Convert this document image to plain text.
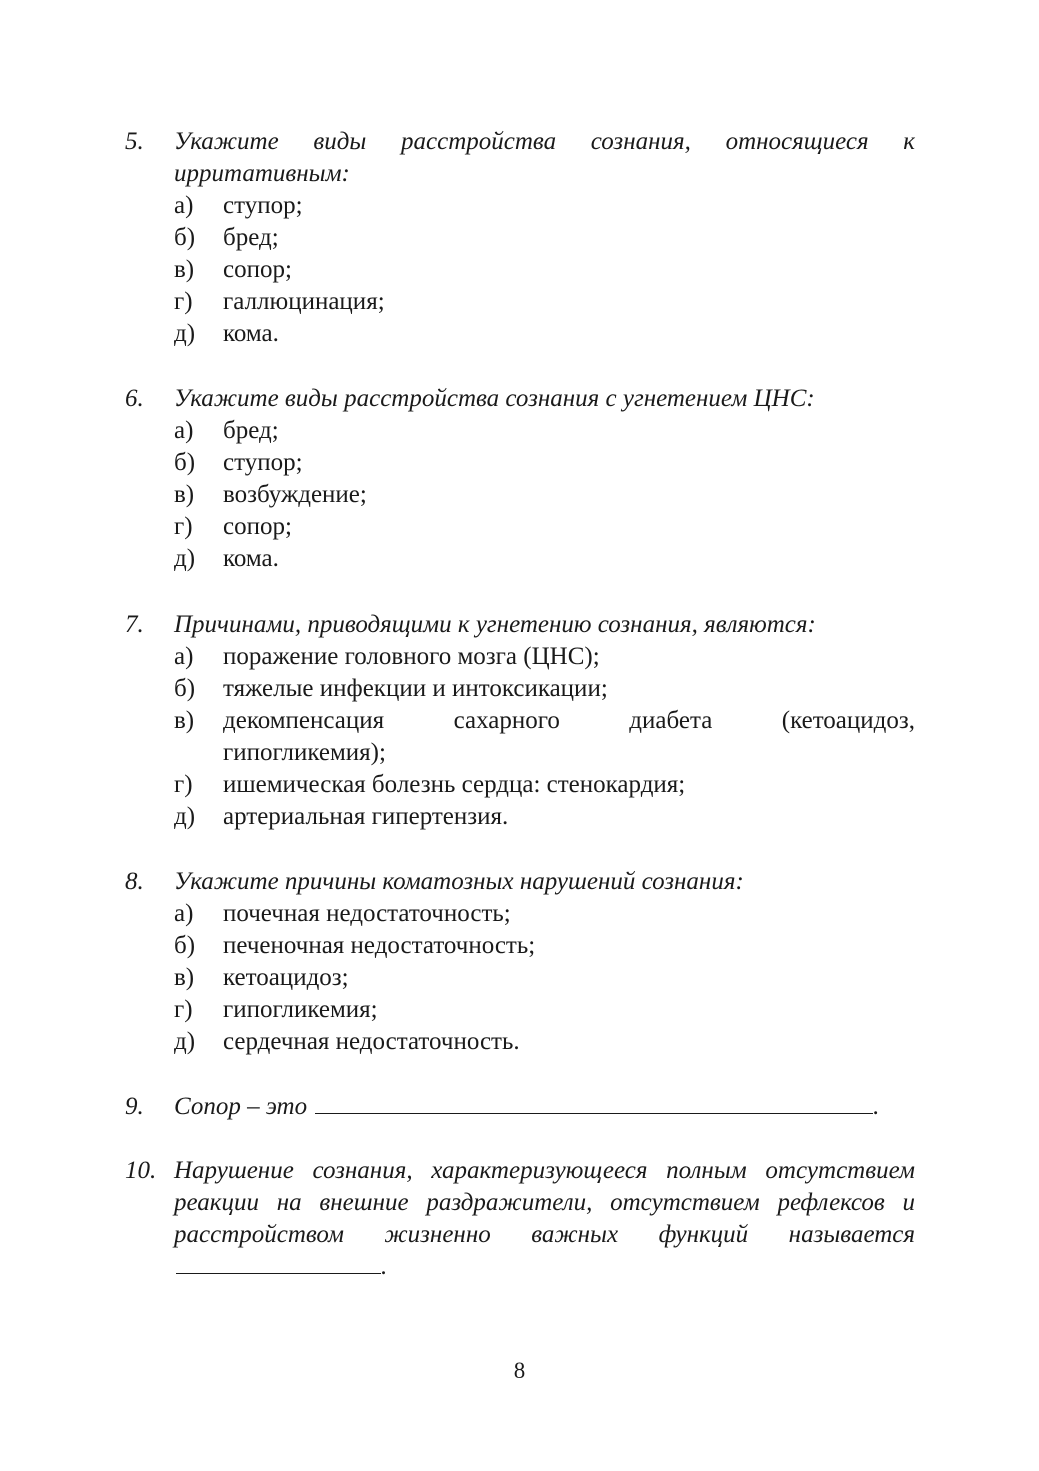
5.	Укажите виды расстройства сознания, относящиеся к ирритативным:
а)	ступор;
б)	бред;
в)	сопор;
г)	галлюцинация;
д)	кома.
6.	Укажите виды расстройства сознания с угнетением ЦНС:
а)	бред;
б)	ступор;
в)	возбуждение;
г)	сопор;
д)	кома.
7.	Причинами, приводящими к угнетению сознания, являются:
а)	поражение головного мозга (ЦНС);
б)	тяжелые инфекции и интоксикации;
в)	декомпенсация сахарного диабета (кетоацидоз, гипогликемия);
г)	ишемическая болезнь сердца: стенокардия;
д)	артериальная гипертензия.
8.	Укажите причины коматозных нарушений сознания:
а)	почечная недостаточность;
б)	печеночная недостаточность;
в)	кетоацидоз;
г)	гипогликемия;
д)	сердечная недостаточность.
9.	Сопор – это	.
10. Нарушение сознания, характеризующееся полным отсутствием реакции на внешние раздражители, отсутствием рефлексов и расстройством жизненно важных функций называется.
8
